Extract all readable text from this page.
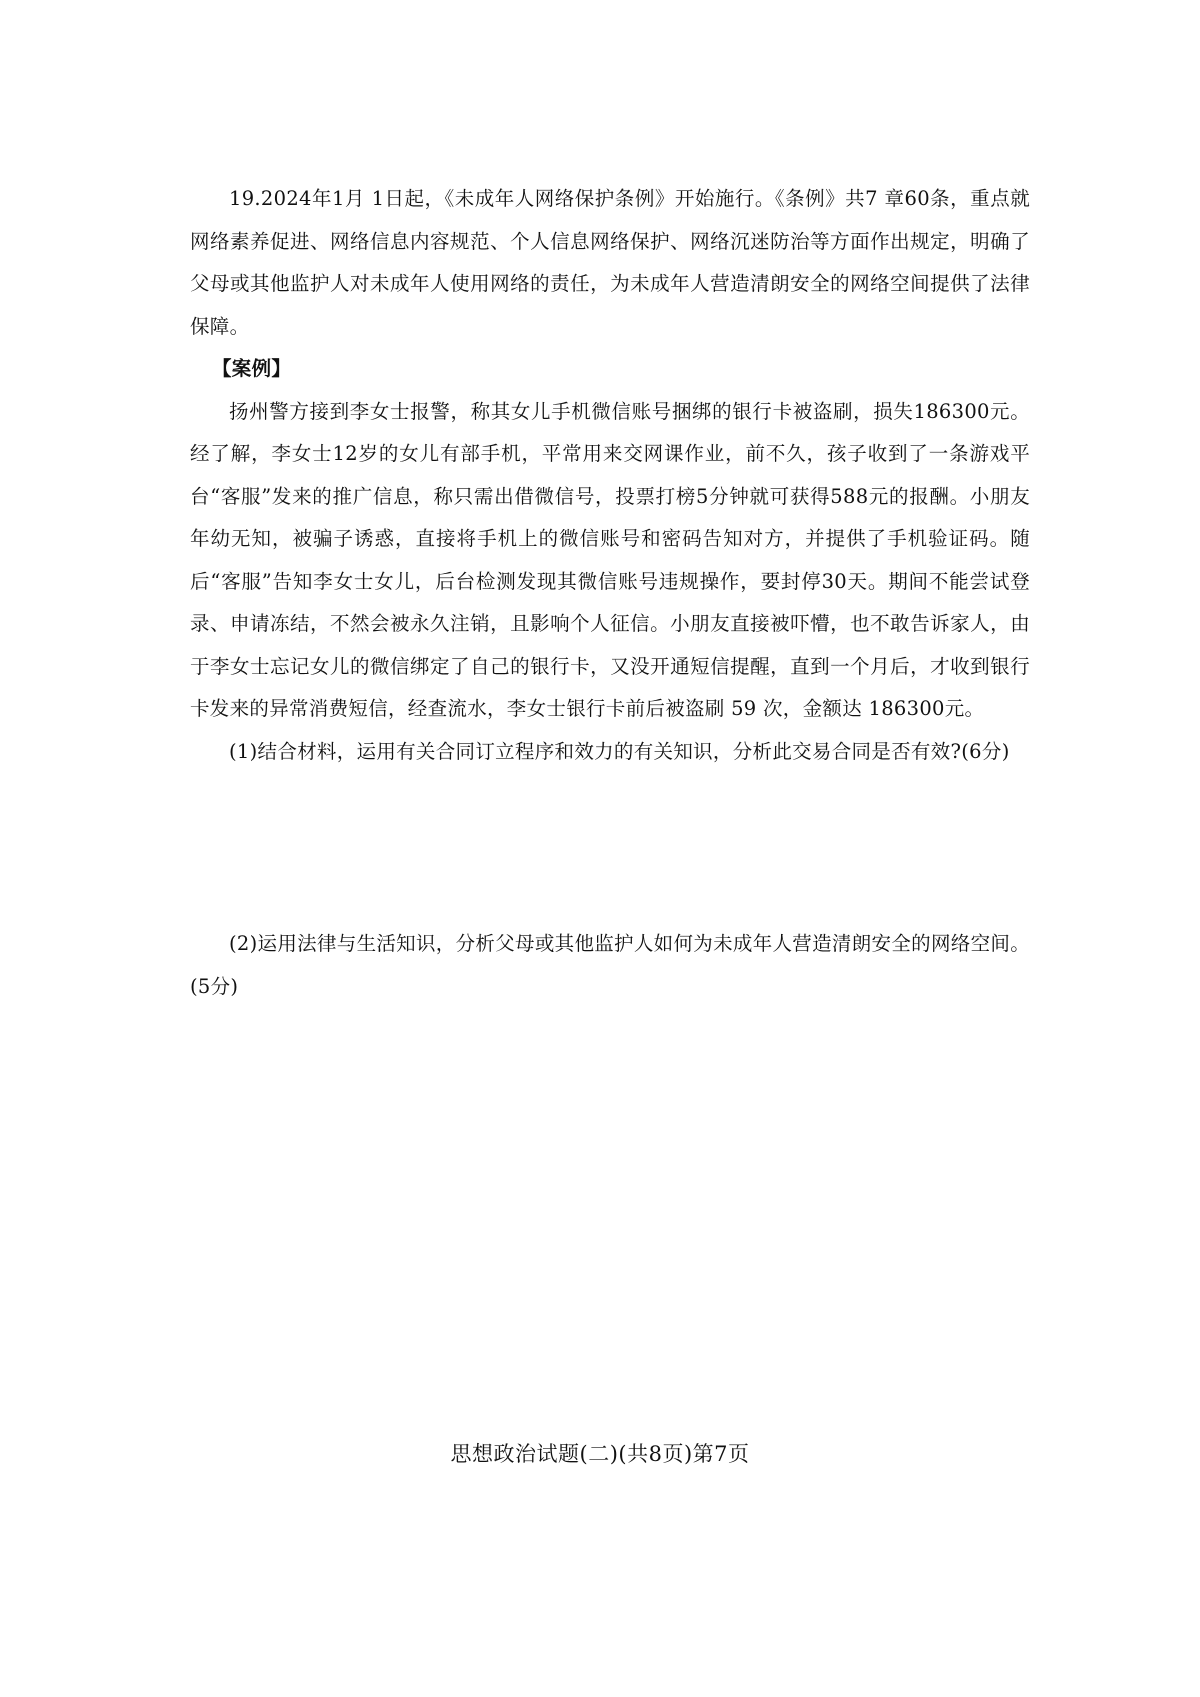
19.2024年1月 1日起，《未成年人网络保护条例》开始施行。《条例》共7 章60条，重点就网络素养促进、网络信息内容规范、个人信息网络保护、网络沉迷防治等方面作出规定，明确了父母或其他监护人对未成年人使用网络的责任，为未成年人营造清朗安全的网络空间提供了法律保障。

【案例】

扬州警方接到李女士报警，称其女儿手机微信账号捆绑的银行卡被盗刷，损失186300元。经了解，李女士12岁的女儿有部手机，平常用来交网课作业，前不久，孩子收到了一条游戏平台“客服”发来的推广信息，称只需出借微信号，投票打榜5分钟就可获得588元的报酬。小朋友年幼无知，被骗子诱惑，直接将手机上的微信账号和密码告知对方，并提供了手机验证码。随后“客服”告知李女士女儿，后台检测发现其微信账号违规操作，要封停30天。期间不能尝试登录、申请冻结，不然会被永久注销，且影响个人征信。小朋友直接被吓懵，也不敢告诉家人，由于李女士忘记女儿的微信绑定了自己的银行卡，又没开通短信提醒，直到一个月后，才收到银行卡发来的异常消费短信，经查流水，李女士银行卡前后被盗刷 59 次，金额达 186300元。

(1)结合材料，运用有关合同订立程序和效力的有关知识，分析此交易合同是否有效?(6分)

(2)运用法律与生活知识，分析父母或其他监护人如何为未成年人营造清朗安全的网络空间。(5分)

思想政治试题(二)(共8页)第7页
